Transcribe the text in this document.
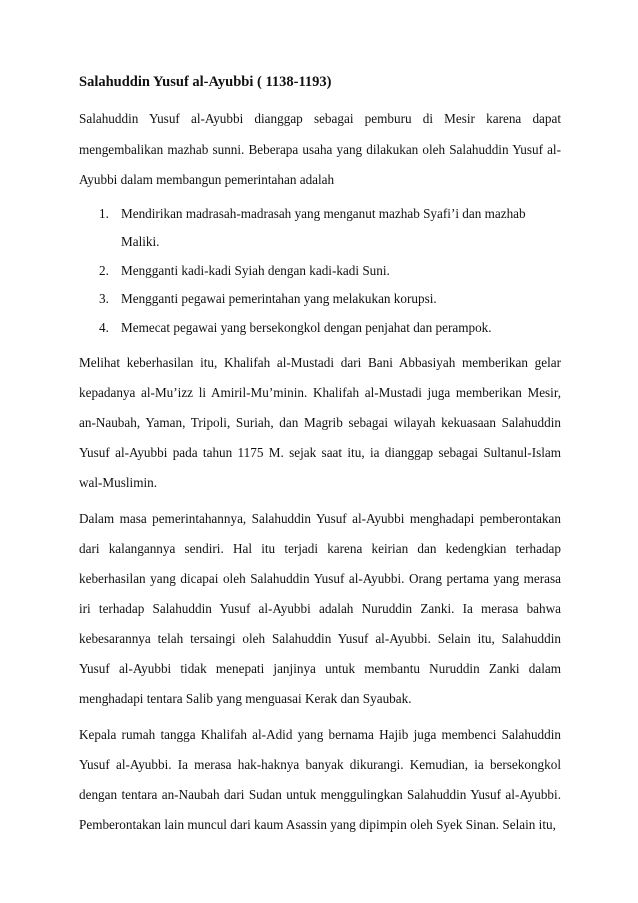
Salahuddin Yusuf al-Ayubbi ( 1138-1193)

Salahuddin Yusuf al-Ayubbi dianggap sebagai pemburu di Mesir karena dapat mengembalikan mazhab sunni. Beberapa usaha yang dilakukan oleh Salahuddin Yusuf al-Ayubbi dalam membangun pemerintahan adalah

1. Mendirikan madrasah-madrasah yang menganut mazhab Syafi’i dan mazhab Maliki.
2. Mengganti kadi-kadi Syiah dengan kadi-kadi Suni.
3. Mengganti pegawai pemerintahan yang melakukan korupsi.
4. Memecat pegawai yang bersekongkol dengan penjahat dan perampok.

Melihat keberhasilan itu, Khalifah al-Mustadi dari Bani Abbasiyah memberikan gelar kepadanya al-Mu’izz li Amiril-Mu’minin. Khalifah al-Mustadi juga memberikan Mesir, an-Naubah, Yaman, Tripoli, Suriah, dan Magrib sebagai wilayah kekuasaan Salahuddin Yusuf al-Ayubbi pada tahun 1175 M. sejak saat itu, ia dianggap sebagai Sultanul-Islam wal-Muslimin.

Dalam masa pemerintahannya, Salahuddin Yusuf al-Ayubbi menghadapi pemberontakan dari kalangannya sendiri. Hal itu terjadi karena keirian dan kedengkian terhadap keberhasilan yang dicapai oleh Salahuddin Yusuf al-Ayubbi. Orang pertama yang merasa iri terhadap Salahuddin Yusuf al-Ayubbi adalah Nuruddin Zanki. Ia merasa bahwa kebesarannya telah tersaingi oleh Salahuddin Yusuf al-Ayubbi. Selain itu, Salahuddin Yusuf al-Ayubbi tidak menepati janjinya untuk membantu Nuruddin Zanki dalam menghadapi tentara Salib yang menguasai Kerak dan Syaubak.

Kepala rumah tangga Khalifah al-Adid yang bernama Hajib juga membenci Salahuddin Yusuf al-Ayubbi. Ia merasa hak-haknya banyak dikurangi. Kemudian, ia bersekongkol dengan tentara an-Naubah dari Sudan untuk menggulingkan Salahuddin Yusuf al-Ayubbi. Pemberontakan lain muncul dari kaum Asassin yang dipimpin oleh Syek Sinan. Selain itu,
